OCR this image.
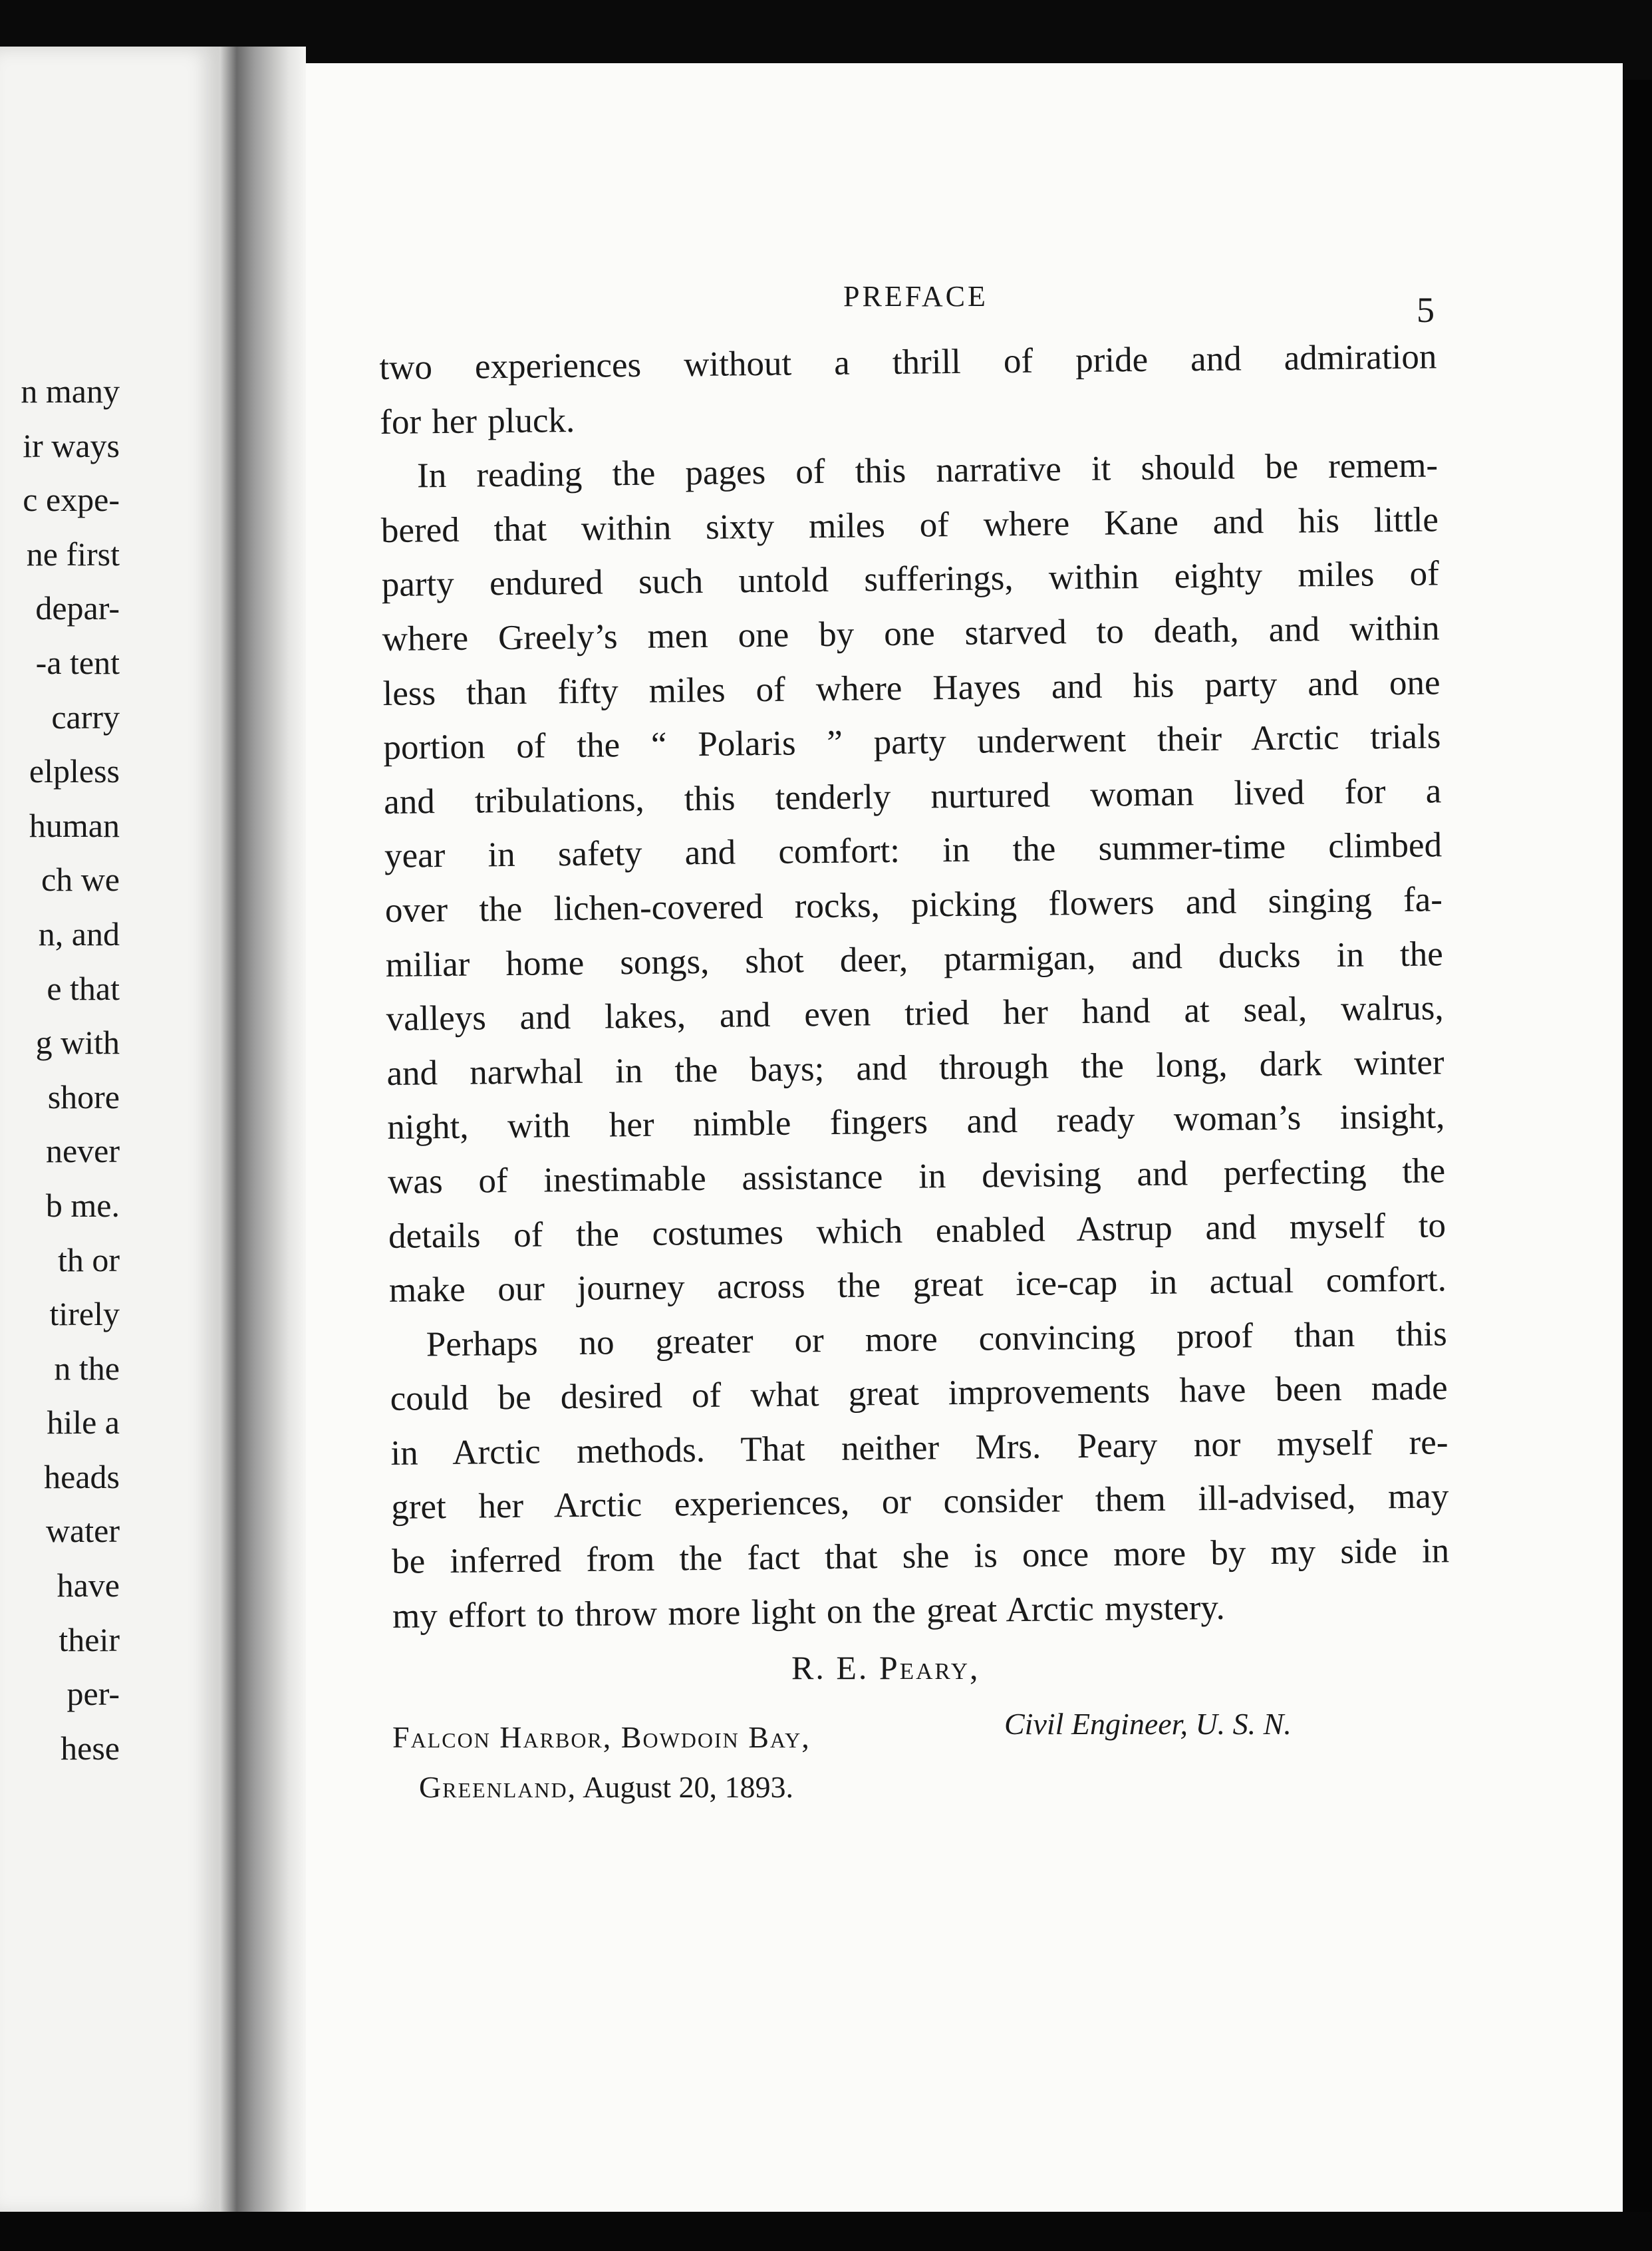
n many
ir ways
c expe-
ne first
depar-
-a tent
carry
elpless
human
ch we
n, and
e that
g with
shore
never
b me.
th or
tirely
n the
hile a
heads
water
have
their
per-
hese
PREFACE	5
two experiences without a thrill of pride and admiration
for her pluck.
In reading the pages of this narrative it should be remem-
bered that within sixty miles of where Kane and his little
party endured such untold sufferings, within eighty miles of
where Greely’s men one by one starved to death, and within
less than fifty miles of where Hayes and his party and one
portion of the “ Polaris ” party underwent their Arctic trials
and tribulations, this tenderly nurtured woman lived for a
year in safety and comfort: in the summer-time climbed
over the lichen-covered rocks, picking flowers and singing fa-
miliar home songs, shot deer, ptarmigan, and ducks in the
valleys and lakes, and even tried her hand at seal, walrus,
and narwhal in the bays; and through the long, dark winter
night, with her nimble fingers and ready woman’s insight,
was of inestimable assistance in devising and perfecting the
details of the costumes which enabled Astrup and myself to
make our journey across the great ice-cap in actual comfort.
Perhaps no greater or more convincing proof than this
could be desired of what great improvements have been made
in Arctic methods. That neither Mrs. Peary nor myself re-
gret her Arctic experiences, or consider them ill-advised, may
be inferred from the fact that she is once more by my side in
my effort to throw more light on the great Arctic mystery.
R. E. Peary,
Civil Engineer, U. S. N.
Falcon Harbor, Bowdoin Bay,
Greenland, August 20, 1893.
